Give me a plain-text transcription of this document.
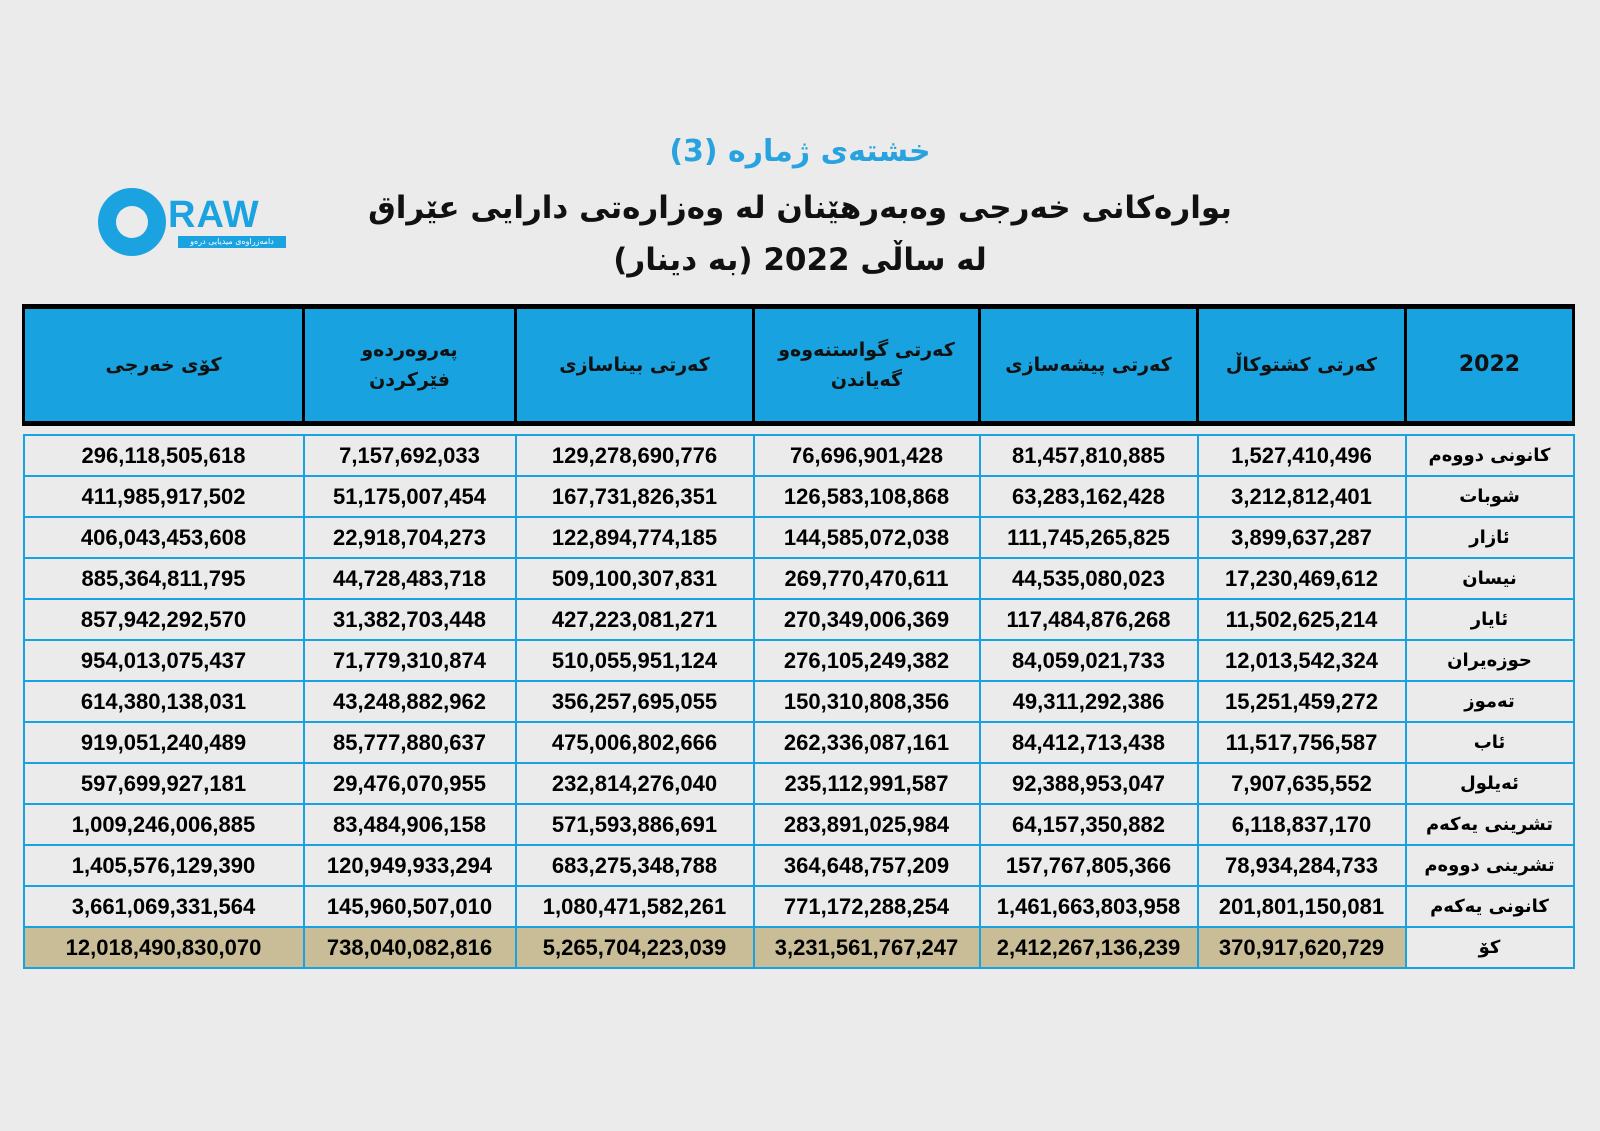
خشتەی ژمارە (3)
بوارەكانی خەرجی وەبەرهێنان لە وەزارەتی دارایی عێراق
لە ساڵی 2022 (بە دینار)
RAW
دامەزراوەی میدیایی درەو
2022	كەرتی كشتوكاڵ	كەرتی پیشەسازی	كەرتی گواستنەوەو گەیاندن	كەرتی بیناسازی	پەروەردەو فێركردن	كۆی خەرجی

كانونی دووەم	1,527,410,496	81,457,810,885	76,696,901,428	129,278,690,776	7,157,692,033	296,118,505,618
شوبات	3,212,812,401	63,283,162,428	126,583,108,868	167,731,826,351	51,175,007,454	411,985,917,502
ئازار	3,899,637,287	111,745,265,825	144,585,072,038	122,894,774,185	22,918,704,273	406,043,453,608
نیسان	17,230,469,612	44,535,080,023	269,770,470,611	509,100,307,831	44,728,483,718	885,364,811,795
ئایار	11,502,625,214	117,484,876,268	270,349,006,369	427,223,081,271	31,382,703,448	857,942,292,570
حوزەیران	12,013,542,324	84,059,021,733	276,105,249,382	510,055,951,124	71,779,310,874	954,013,075,437
تەموز	15,251,459,272	49,311,292,386	150,310,808,356	356,257,695,055	43,248,882,962	614,380,138,031
ئاب	11,517,756,587	84,412,713,438	262,336,087,161	475,006,802,666	85,777,880,637	919,051,240,489
ئەیلول	7,907,635,552	92,388,953,047	235,112,991,587	232,814,276,040	29,476,070,955	597,699,927,181
تشرینی یەكەم	6,118,837,170	64,157,350,882	283,891,025,984	571,593,886,691	83,484,906,158	1,009,246,006,885
تشرینی دووەم	78,934,284,733	157,767,805,366	364,648,757,209	683,275,348,788	120,949,933,294	1,405,576,129,390
كانونی یەكەم	201,801,150,081	1,461,663,803,958	771,172,288,254	1,080,471,582,261	145,960,507,010	3,661,069,331,564
كۆ	370,917,620,729	2,412,267,136,239	3,231,561,767,247	5,265,704,223,039	738,040,082,816	12,018,490,830,070
